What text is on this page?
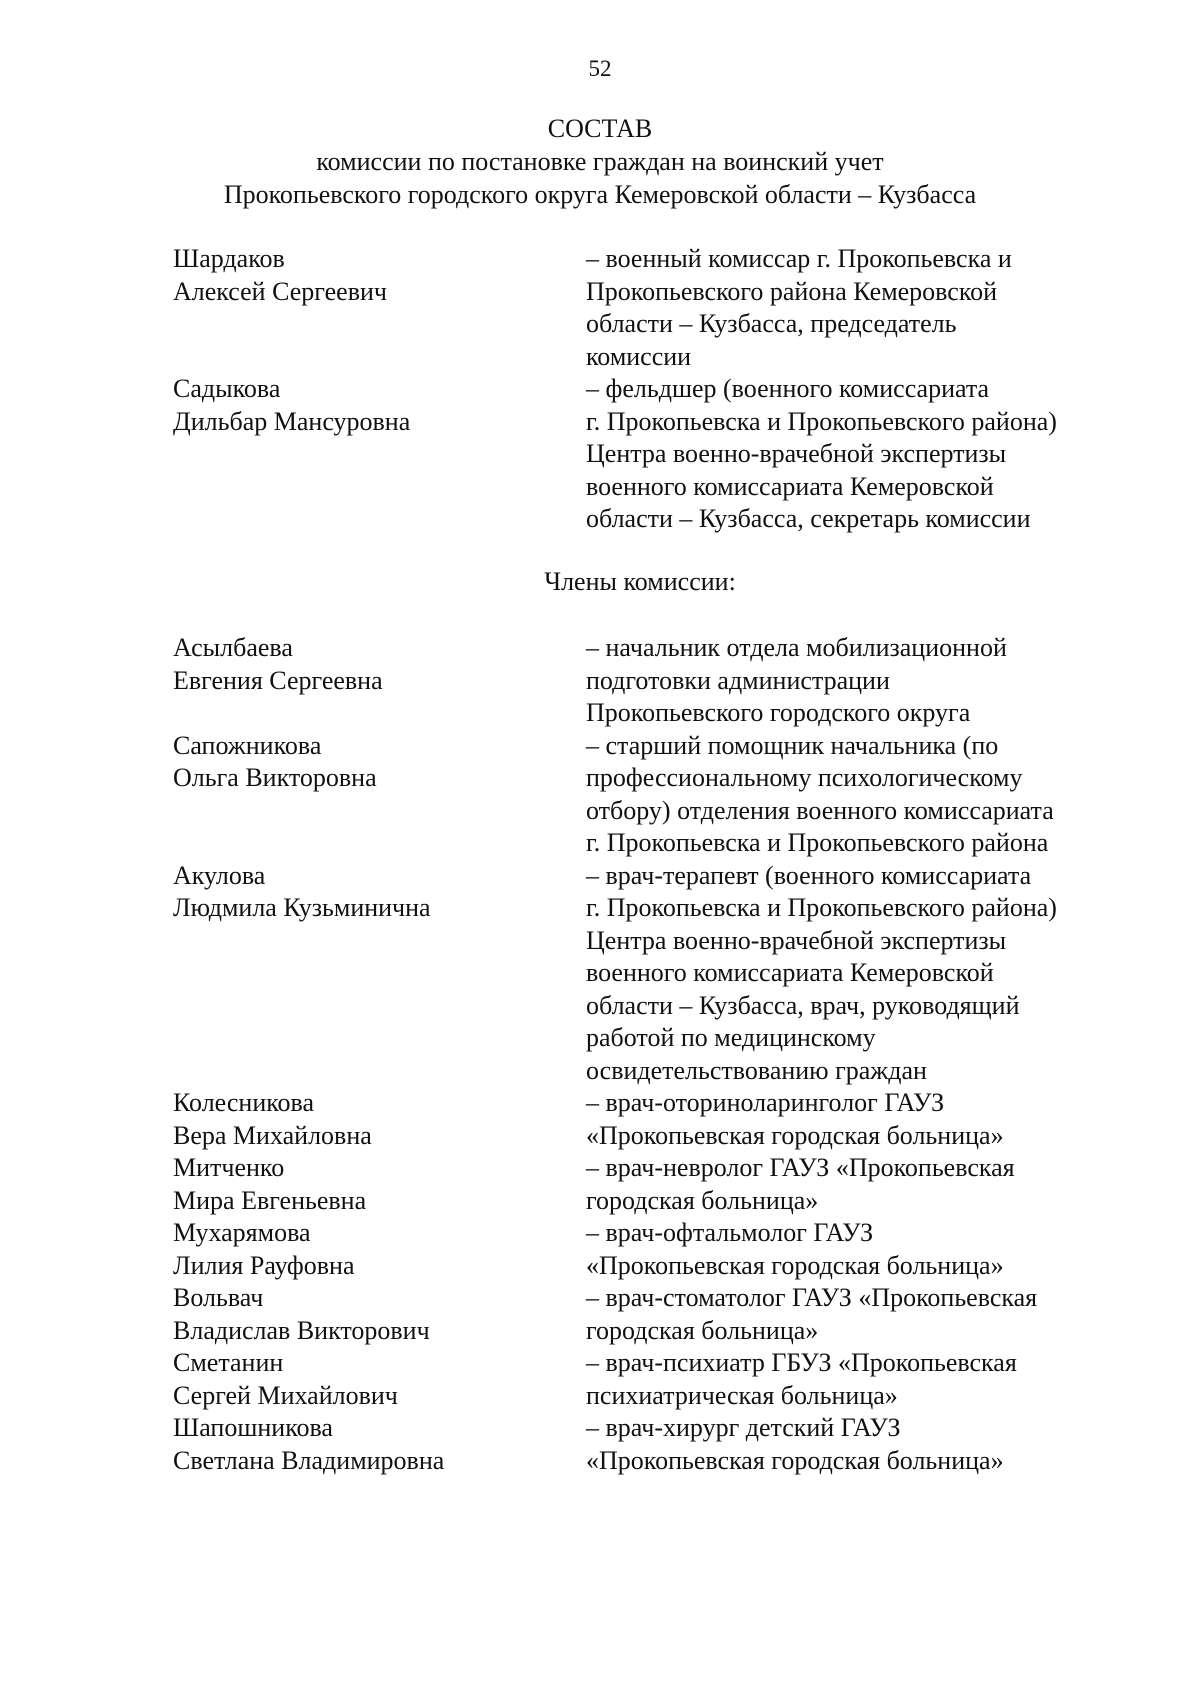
52
СОСТАВ
комиссии по постановке граждан на воинский учет
Прокопьевского городского округа Кемеровской области – Кузбасса
Шардаков
Алексей Сергеевич
– военный комиссар г. Прокопьевска и
Прокопьевского района Кемеровской
области – Кузбасса, председатель
комиссии
Садыкова
Дильбар Мансуровна
– фельдшер (военного комиссариата
г. Прокопьевска и Прокопьевского района)
Центра военно-врачебной экспертизы
военного комиссариата Кемеровской
области – Кузбасса, секретарь комиссии
Члены комиссии:
Асылбаева
Евгения Сергеевна
– начальник отдела мобилизационной
подготовки администрации
Прокопьевского городского округа
Сапожникова
Ольга Викторовна
– старший помощник начальника (по
профессиональному психологическому
отбору) отделения военного комиссариата
г. Прокопьевска и Прокопьевского района
Акулова
Людмила Кузьминична
– врач-терапевт (военного комиссариата
г. Прокопьевска и Прокопьевского района)
Центра военно-врачебной экспертизы
военного комиссариата Кемеровской
области – Кузбасса, врач, руководящий
работой по медицинскому
освидетельствованию граждан
Колесникова
Вера Михайловна
– врач-оториноларинголог ГАУЗ
«Прокопьевская городская больница»
Митченко
Мира Евгеньевна
– врач-невролог ГАУЗ «Прокопьевская
городская больница»
Мухарямова
Лилия Рауфовна
– врач-офтальмолог ГАУЗ
«Прокопьевская городская больница»
Вольвач
Владислав Викторович
– врач-стоматолог ГАУЗ «Прокопьевская
городская больница»
Сметанин
Сергей Михайлович
– врач-психиатр ГБУЗ «Прокопьевская
психиатрическая больница»
Шапошникова
Светлана Владимировна
– врач-хирург детский ГАУЗ
«Прокопьевская городская больница»
